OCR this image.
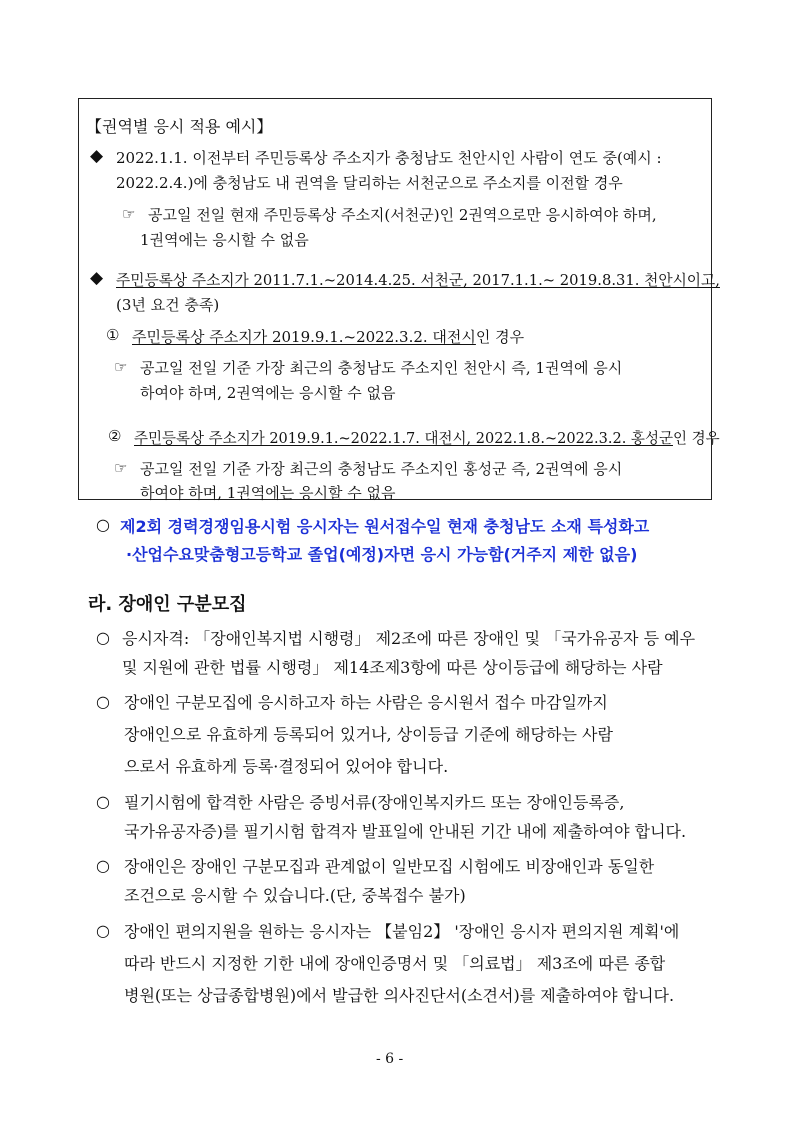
【권역별 응시 적용 예시】
◆ 2022.1.1. 이전부터 주민등록상 주소지가 충청남도 천안시인 사람이 연도 중(예시 :
2022.2.4.)에 충청남도 내 권역을 달리하는 서천군으로 주소지를 이전할 경우
☞ 공고일 전일 현재 주민등록상 주소지(서천군)인 2권역으로만 응시하여야 하며,
1권역에는 응시할 수 없음
◆ 주민등록상 주소지가 2011.7.1.~2014.4.25. 서천군, 2017.1.1.~ 2019.8.31. 천안시이고,
(3년 요건 충족)
① 주민등록상 주소지가 2019.9.1.~2022.3.2. 대전시인 경우
☞ 공고일 전일 기준 가장 최근의 충청남도 주소지인 천안시 즉, 1권역에 응시
하여야 하며, 2권역에는 응시할 수 없음
② 주민등록상 주소지가 2019.9.1.~2022.1.7. 대전시, 2022.1.8.~2022.3.2. 홍성군인 경우
☞ 공고일 전일 기준 가장 최근의 충청남도 주소지인 홍성군 즉, 2권역에 응시
하여야 하며, 1권역에는 응시할 수 없음
○ 제2회 경력경쟁임용시험 응시자는 원서접수일 현재 충청남도 소재 특성화고
·산업수요맞춤형고등학교 졸업(예정)자면 응시 가능함(거주지 제한 없음)
라. 장애인 구분모집
○ 응시자격: 「장애인복지법 시행령」 제2조에 따른 장애인 및 「국가유공자 등 예우
및 지원에 관한 법률 시행령」 제14조제3항에 따른 상이등급에 해당하는 사람
○ 장애인 구분모집에 응시하고자 하는 사람은 응시원서 접수 마감일까지
장애인으로 유효하게 등록되어 있거나, 상이등급 기준에 해당하는 사람
으로서 유효하게 등록·결정되어 있어야 합니다.
○ 필기시험에 합격한 사람은 증빙서류(장애인복지카드 또는 장애인등록증,
국가유공자증)를 필기시험 합격자 발표일에 안내된 기간 내에 제출하여야 합니다.
○ 장애인은 장애인 구분모집과 관계없이 일반모집 시험에도 비장애인과 동일한
조건으로 응시할 수 있습니다.(단, 중복접수 불가)
○ 장애인 편의지원을 원하는 응시자는 【붙임2】 '장애인 응시자 편의지원 계획'에
따라 반드시 지정한 기한 내에 장애인증명서 및 「의료법」 제3조에 따른 종합
병원(또는 상급종합병원)에서 발급한 의사진단서(소견서)를 제출하여야 합니다.
- 6 -
